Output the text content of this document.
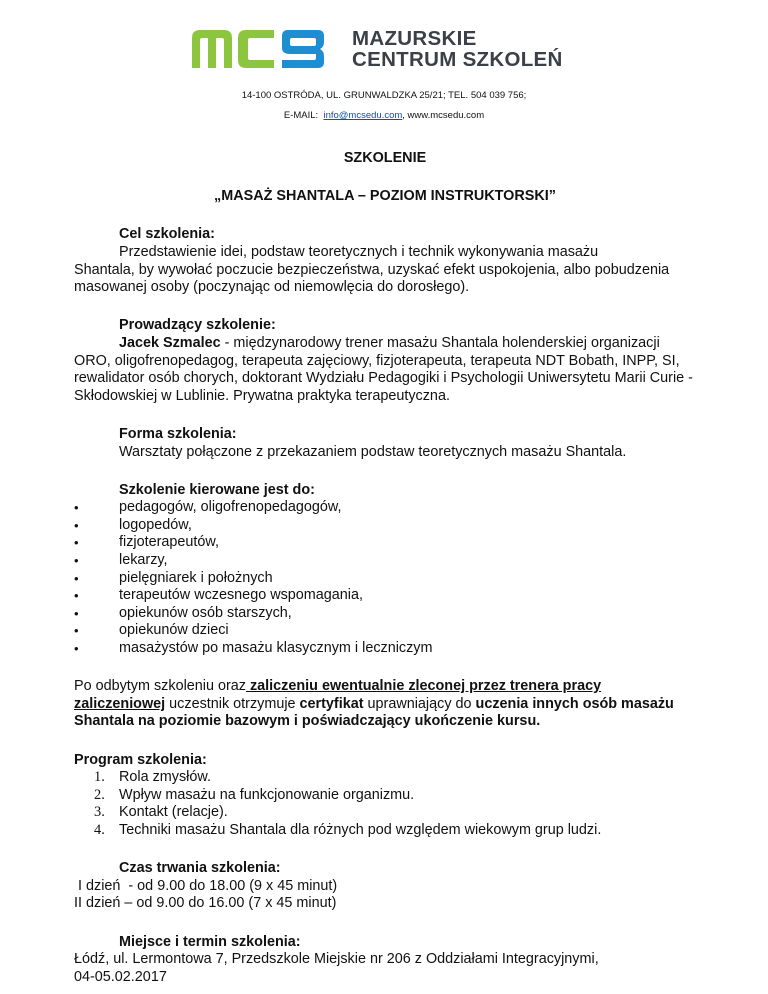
MAZURSKIE
CENTRUM SZKOLEŃ
14-100 OSTRÓDA, UL. GRUNWALDZKA 25/21; TEL. 504 039 756;
E-MAIL: info@mcsedu.com, www.mcsedu.com

SZKOLENIE

„MASAŻ SHANTALA – POZIOM INSTRUKTORSKI”

Cel szkolenia:

Przedstawienie idei, podstaw teoretycznych i technik wykonywania masażu

Shantala, by wywołać poczucie bezpieczeństwa, uzyskać efekt uspokojenia, albo pobudzenia masowanej osoby (poczynając od niemowlęcia do dorosłego).

Prowadzący szkolenie:

Jacek Szmalec - międzynarodowy trener masażu Shantala holenderskiej organizacji ORO, oligofrenopedagog, terapeuta zajęciowy, fizjoterapeuta, terapeuta NDT Bobath, INPP, SI, rewalidator osób chorych, doktorant Wydziału Pedagogiki i Psychologii Uniwersytetu Marii Curie - Skłodowskiej w Lublinie. Prywatna praktyka terapeutyczna.

Forma szkolenia:

Warsztaty połączone z przekazaniem podstaw teoretycznych masażu Shantala.

Szkolenie kierowane jest do:

•	pedagogów, oligofrenopedagogów,
•	logopedów,
•	fizjoterapeutów,
•	lekarzy,
•	pielęgniarek i położnych
•	terapeutów wczesnego wspomagania,
•	opiekunów osób starszych,
•	opiekunów dzieci
•	masażystów po masażu klasycznym i leczniczym

Po odbytym szkoleniu oraz zaliczeniu ewentualnie zleconej przez trenera pracy zaliczeniowej uczestnik otrzymuje certyfikat uprawniający do uczenia innych osób masażu Shantala na poziomie bazowym i poświadczający ukończenie kursu.

Program szkolenia:

1. Rola zmysłów.
2. Wpływ masażu na funkcjonowanie organizmu.
3. Kontakt (relacje).
4. Techniki masażu Shantala dla różnych pod względem wiekowym grup ludzi.

Czas trwania szkolenia:

I dzień  - od 9.00 do 18.00 (9 x 45 minut)

II dzień – od 9.00 do 16.00 (7 x 45 minut)

Miejsce i termin szkolenia:

Łódź, ul. Lermontowa 7, Przedszkole Miejskie nr 206 z Oddziałami Integracyjnymi,

04-05.02.2017
